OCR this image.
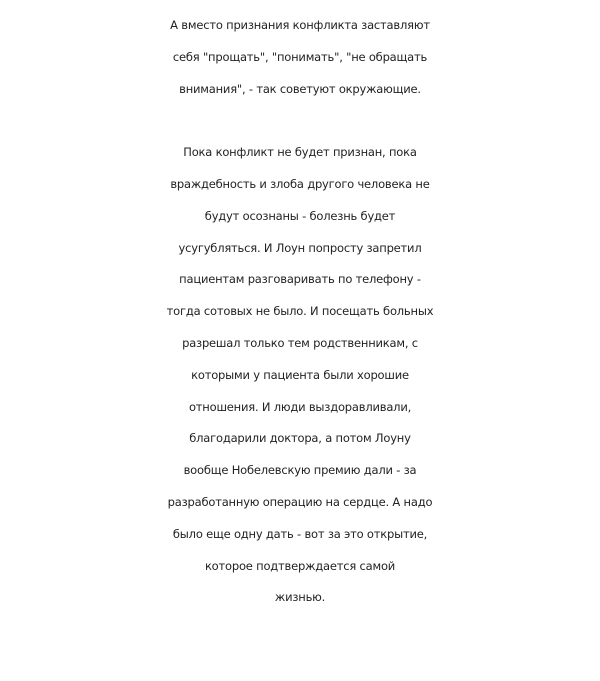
А вместо признания конфликта заставляют
себя "прощать", "понимать", "не обращать
внимания", - так советуют окружающие.

Пока конфликт не будет признан, пока
враждебность и злоба другого человека не
будут осознаны - болезнь будет
усугубляться. И Лоун попросту запретил
пациентам разговаривать по телефону -
тогда сотовых не было. И посещать больных
разрешал только тем родственникам, с
которыми у пациента были хорошие
отношения. И люди выздоравливали,
благодарили доктора, а потом Лоуну
вообще Нобелевскую премию дали - за
разработанную операцию на сердце. А надо
было еще одну дать - вот за это открытие,
которое подтверждается самой
жизнью.
